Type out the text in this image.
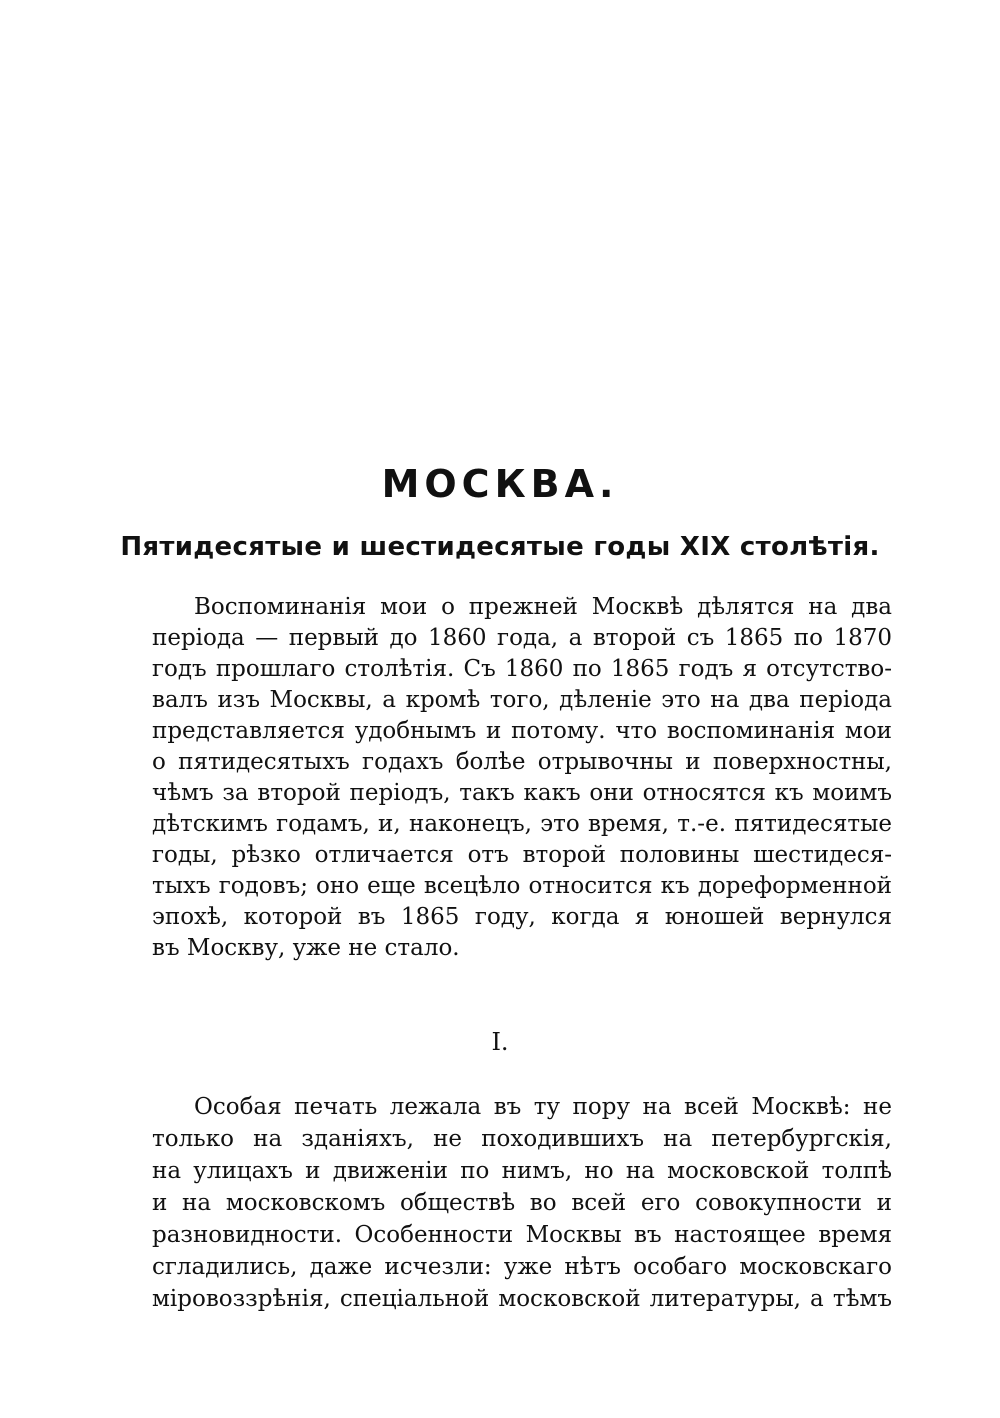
МОСКВА.
Пятидесятые и шестидесятые годы XIX столѣтія.
Воспоминанія мои о прежней Москвѣ дѣлятся на два
періода — первый до 1860 года, а второй съ 1865 по 1870
годъ прошлаго столѣтія. Съ 1860 по 1865 годъ я отсутство-
валъ изъ Москвы, а кромѣ того, дѣленіе это на два періода
представляется удобнымъ и потому. что воспоминанія мои
о пятидесятыхъ годахъ болѣе отрывочны и поверхностны,
чѣмъ за второй періодъ, такъ какъ они относятся къ моимъ
дѣтскимъ годамъ, и, наконецъ, это время, т.-е. пятидесятые
годы, рѣзко отличается отъ второй половины шестидеся-
тыхъ годовъ; оно еще всецѣло относится къ дореформенной
эпохѣ, которой въ 1865 году, когда я юношей вернулся
въ Москву, уже не стало.

I.

Особая печать лежала въ ту пору на всей Москвѣ: не
только на зданіяхъ, не походившихъ на петербургскія,
на улицахъ и движеніи по нимъ, но на московской толпѣ
и на московскомъ обществѣ во всей его совокупности и
разновидности. Особенности Москвы въ настоящее время
сгладились, даже исчезли: уже нѣтъ особаго московскаго
міровоззрѣнія, спеціальной московской литературы, а тѣмъ
